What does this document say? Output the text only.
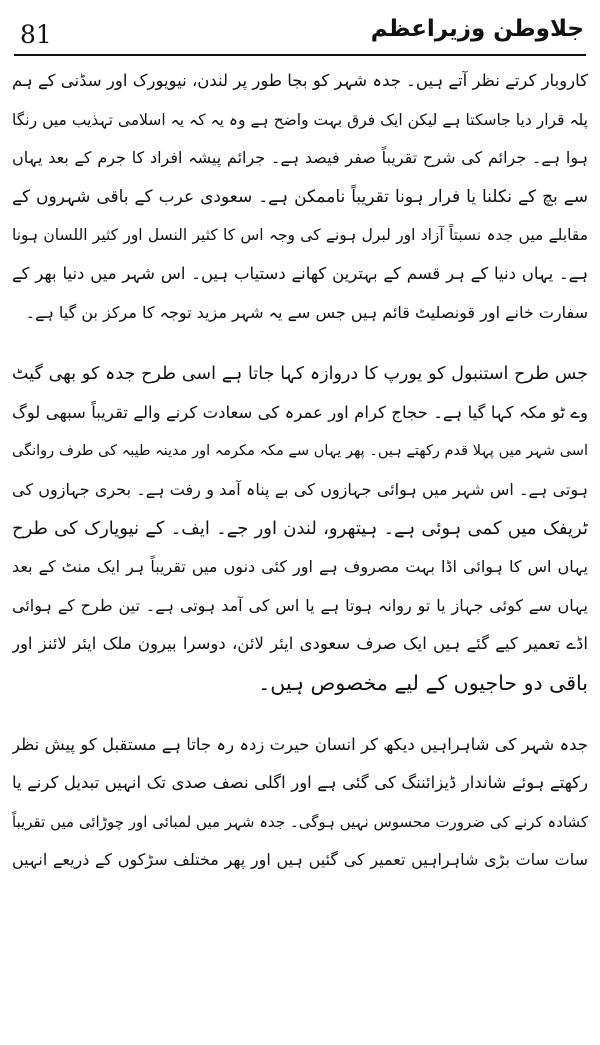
81	جلاوطن وزیراعظم
کاروبار کرتے نظر آتے ہیں۔ جدہ شہر کو بجا طور پر لندن، نیویورک اور سڈنی کے ہم
پلہ قرار دیا جاسکتا ہے لیکن ایک فرق بہت واضح ہے وہ یہ کہ یہ اسلامی تہذیب میں رنگا
ہوا ہے۔ جرائم کی شرح تقریباً صفر فیصد ہے۔ جرائم پیشہ افراد کا جرم کے بعد یہاں
سے بچ کے نکلنا یا فرار ہونا تقریباً ناممکن ہے۔ سعودی عرب کے باقی شہروں کے
مقابلے میں جدہ نسبتاً آزاد اور لبرل ہونے کی وجہ اس کا کثیر النسل اور کثیر اللسان ہونا
ہے۔ یہاں دنیا کے ہر قسم کے بہترین کھانے دستیاب ہیں۔ اس شہر میں دنیا بھر کے
سفارت خانے اور قونصلیٹ قائم ہیں جس سے یہ شہر مزید توجہ کا مرکز بن گیا ہے۔
جس طرح استنبول کو یورپ کا دروازہ کہا جاتا ہے اسی طرح جدہ کو بھی گیٹ
وے ٹو مکہ کہا گیا ہے۔ حجاج کرام اور عمرہ کی سعادت کرنے والے تقریباً سبھی لوگ
اسی شہر میں پہلا قدم رکھتے ہیں۔ پھر یہاں سے مکہ مکرمہ اور مدینہ طیبہ کی طرف روانگی
ہوتی ہے۔ اس شہر میں ہوائی جہازوں کی بے پناہ آمد و رفت ہے۔ بحری جہازوں کی
ٹریفک میں کمی ہوئی ہے۔ ہیتھرو، لندن اور جے۔ ایف۔ کے نیویارک کی طرح
یہاں اس کا ہوائی اڈا بہت مصروف ہے اور کئی دنوں میں تقریباً ہر ایک منٹ کے بعد
یہاں سے کوئی جہاز یا تو روانہ ہوتا ہے یا اس کی آمد ہوتی ہے۔ تین طرح کے ہوائی
اڈے تعمیر کیے گئے ہیں ایک صرف سعودی ایئر لائن، دوسرا بیرون ملک ایئر لائنز اور
باقی دو حاجیوں کے لیے مخصوص ہیں۔
جدہ شہر کی شاہراہیں دیکھ کر انسان حیرت زدہ رہ جاتا ہے مستقبل کو پیش نظر
رکھتے ہوئے شاندار ڈیزائننگ کی گئی ہے اور اگلی نصف صدی تک انہیں تبدیل کرنے یا
کشادہ کرنے کی ضرورت محسوس نہیں ہوگی۔ جدہ شہر میں لمبائی اور چوڑائی میں تقریباً
سات سات بڑی شاہراہیں تعمیر کی گئیں ہیں اور پھر مختلف سڑکوں کے ذریعے انہیں
